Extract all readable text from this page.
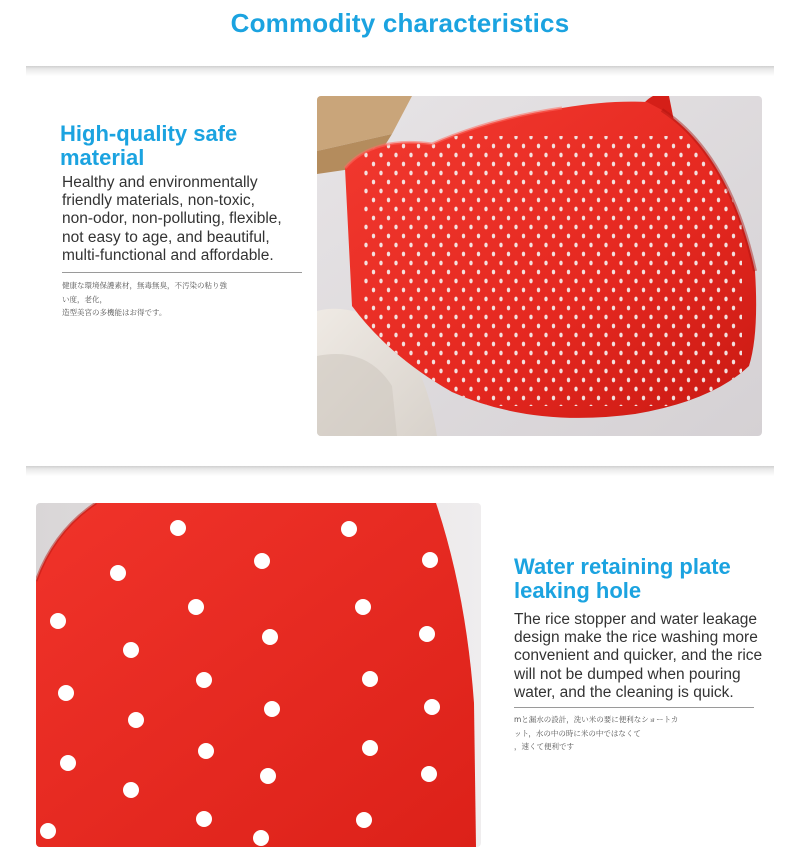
Commodity characteristics
High-quality safe
material
Healthy and environmentally
friendly materials, non-toxic,
non-odor, non-polluting, flexible,
not easy to age, and beautiful,
multi-functional and affordable.
健康な環境保護素材，無毒無臭，不汚染の粘り強
い度，老化，
造型美宮の多機能はお得です。
Water retaining plate
leaking hole
The rice stopper and water leakage
design make the rice washing more
convenient and quicker, and the rice
will not be dumped when pouring
water, and the cleaning is quick.
mと漏水の設計，洗い米の要に便利なショートカ
ット，水の中の時に米の中ではなくて
，速くて便利です
